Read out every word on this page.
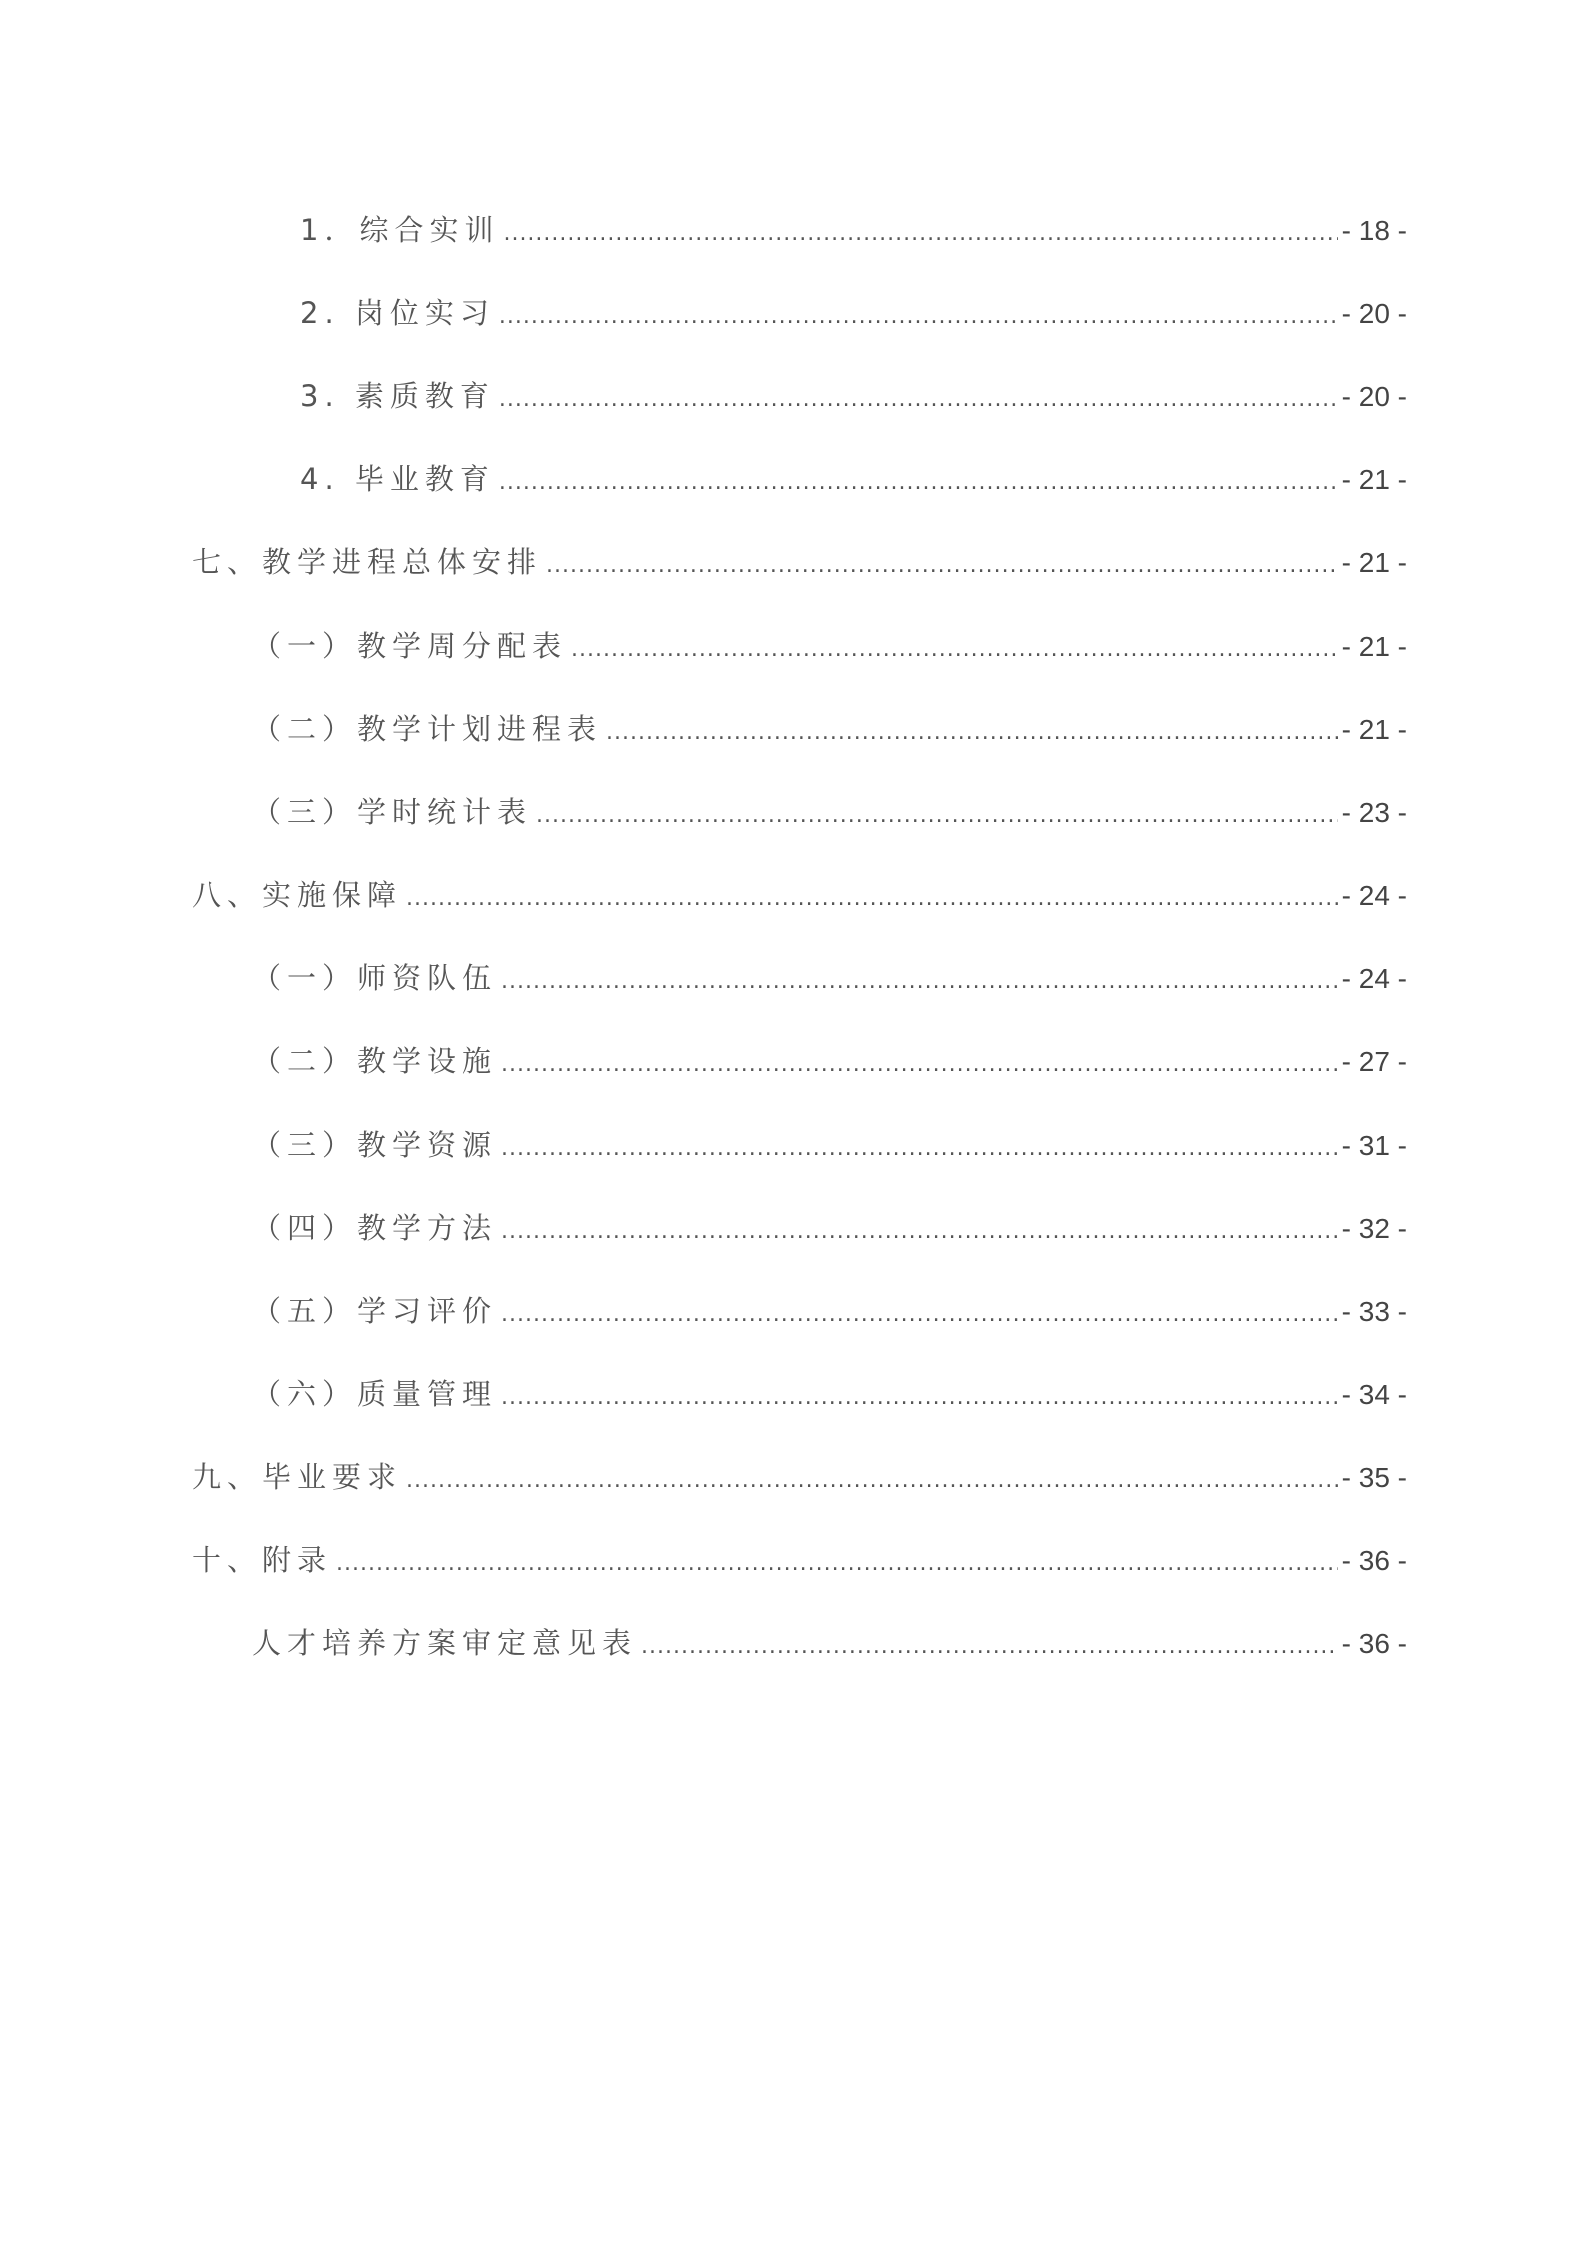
1．综合实训 .....	- 18 -
2. 岗位实习 .....	- 20 -
3. 素质教育 .....	- 20 -
4. 毕业教育 .....	- 21 -
七、教学进程总体安排 .....	- 21 -
（一）教学周分配表 .....	- 21 -
（二）教学计划进程表 .....	- 21 -
（三）学时统计表 .....	- 23 -
八、实施保障 .....	- 24 -
（一）师资队伍 .....	- 24 -
（二）教学设施 .....	- 27 -
（三）教学资源 .....	- 31 -
（四）教学方法 .....	- 32 -
（五）学习评价 .....	- 33 -
（六）质量管理 .....	- 34 -
九、毕业要求 .....	- 35 -
十、附录 .....	- 36 -
人才培养方案审定意见表 .....	- 36 -
